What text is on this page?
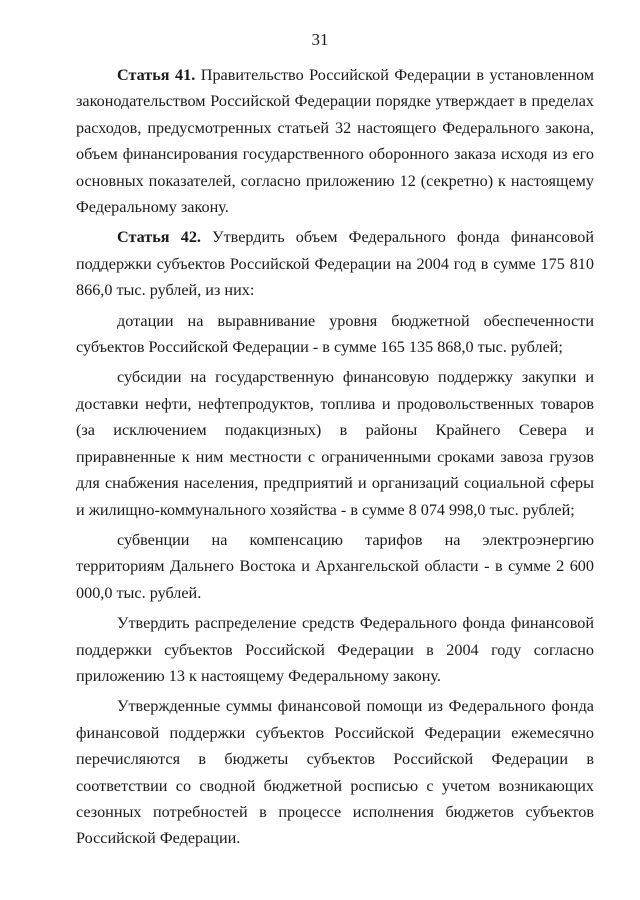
31

Статья 41. Правительство Российской Федерации в установленном законодательством Российской Федерации порядке утверждает в пределах расходов, предусмотренных статьей 32 настоящего Федерального закона, объем финансирования государственного оборонного заказа исходя из его основных показателей, согласно приложению 12 (секретно) к настоящему Федеральному закону.

Статья 42. Утвердить объем Федерального фонда финансовой поддержки субъектов Российской Федерации на 2004 год в сумме 175 810 866,0 тыс. рублей, из них:

дотации на выравнивание уровня бюджетной обеспеченности субъектов Российской Федерации - в сумме 165 135 868,0 тыс. рублей;

субсидии на государственную финансовую поддержку закупки и доставки нефти, нефтепродуктов, топлива и продовольственных товаров (за исключением подакцизных) в районы Крайнего Севера и приравненные к ним местности с ограниченными сроками завоза грузов для снабжения населения, предприятий и организаций социальной сферы и жилищно-коммунального хозяйства - в сумме 8 074 998,0 тыс. рублей;

субвенции на компенсацию тарифов на электроэнергию территориям Дальнего Востока и Архангельской области - в сумме 2 600 000,0 тыс. рублей.

Утвердить распределение средств Федерального фонда финансовой поддержки субъектов Российской Федерации в 2004 году согласно приложению 13 к настоящему Федеральному закону.

Утвержденные суммы финансовой помощи из Федерального фонда финансовой поддержки субъектов Российской Федерации ежемесячно перечисляются в бюджеты субъектов Российской Федерации в соответствии со сводной бюджетной росписью с учетом возникающих сезонных потребностей в процессе исполнения бюджетов субъектов Российской Федерации.
